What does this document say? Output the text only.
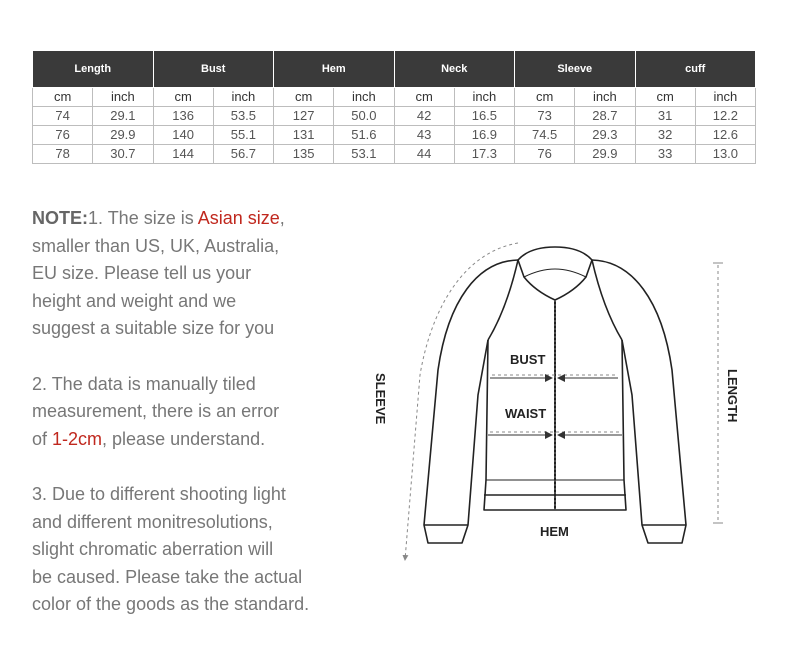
Length		Bust		Hem		Neck		Sleeve		cuff	
cm	inch	cm	inch	cm	inch	cm	inch	cm	inch	cm	inch
74	29.1	136	53.5	127	50.0	42	16.5	73	28.7	31	12.2
76	29.9	140	55.1	131	51.6	43	16.9	74.5	29.3	32	12.6
78	30.7	144	56.7	135	53.1	44	17.3	76	29.9	33	13.0

NOTE:1. The size is Asian size,
smaller than US, UK, Australia,
EU size. Please tell us your
height and weight and we
suggest a suitable size for you

2. The data is manually tiled
measurement, there is an error
of 1-2cm, please understand.

3. Due to different shooting light
and different monitresolutions,
slight chromatic aberration will
be caused. Please take the actual
color of the goods as the standard.

BUST
WAIST
HEM
SLEEVE	LENGTH
